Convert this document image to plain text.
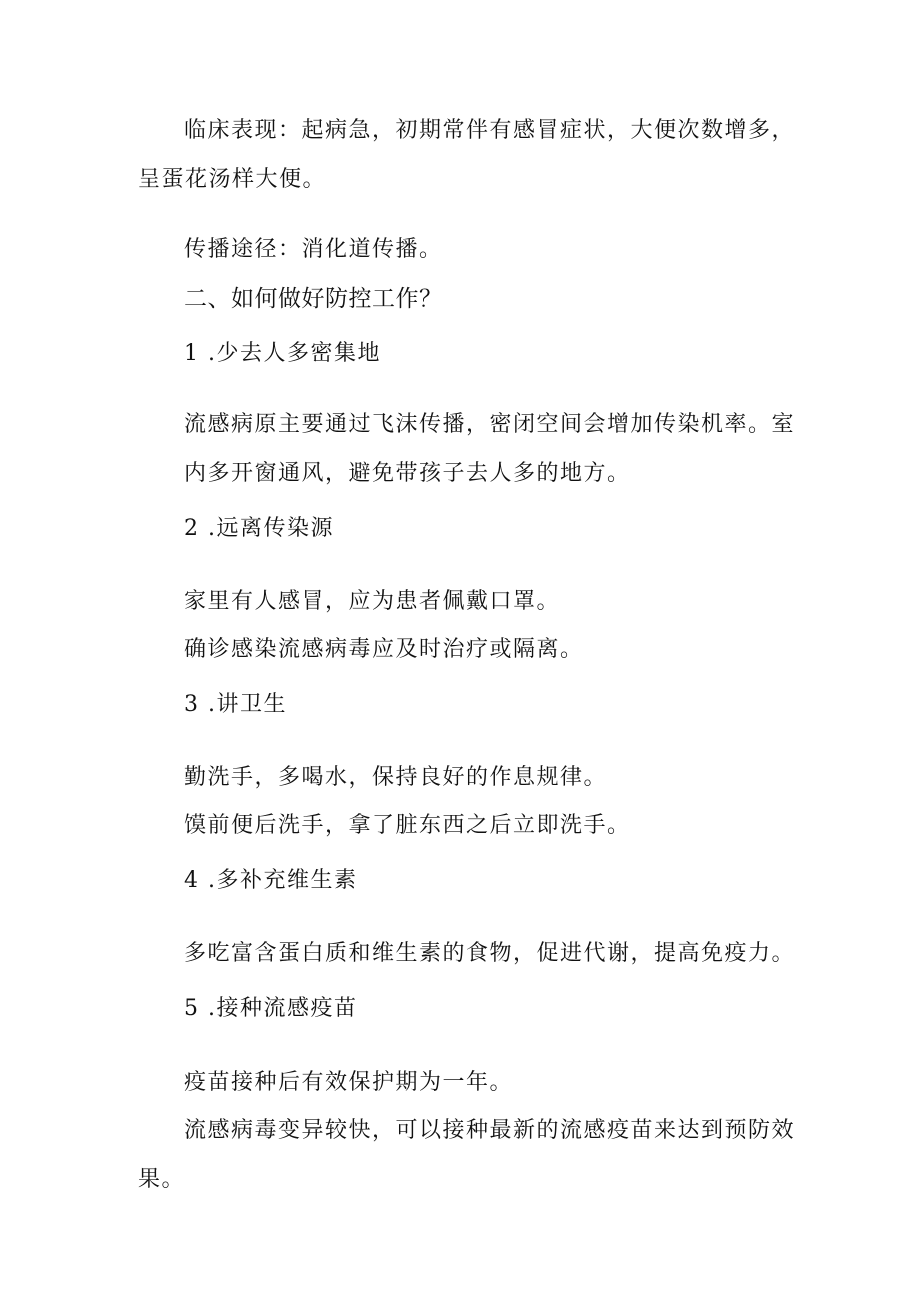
临床表现：起病急，初期常伴有感冒症状，大便次数增多，
呈蛋花汤样大便。
传播途径：消化道传播。
二、如何做好防控工作？
1 .少去人多密集地
流感病原主要通过飞沫传播，密闭空间会增加传染机率。室
内多开窗通风，避免带孩子去人多的地方。
2 .远离传染源
家里有人感冒，应为患者佩戴口罩。
确诊感染流感病毒应及时治疗或隔离。
3 .讲卫生
勤洗手，多喝水，保持良好的作息规律。
馍前便后洗手，拿了脏东西之后立即洗手。
4 .多补充维生素
多吃富含蛋白质和维生素的食物，促进代谢，提高免疫力。
5 .接种流感疫苗
疫苗接种后有效保护期为一年。
流感病毒变异较快，可以接种最新的流感疫苗来达到预防效
果。
